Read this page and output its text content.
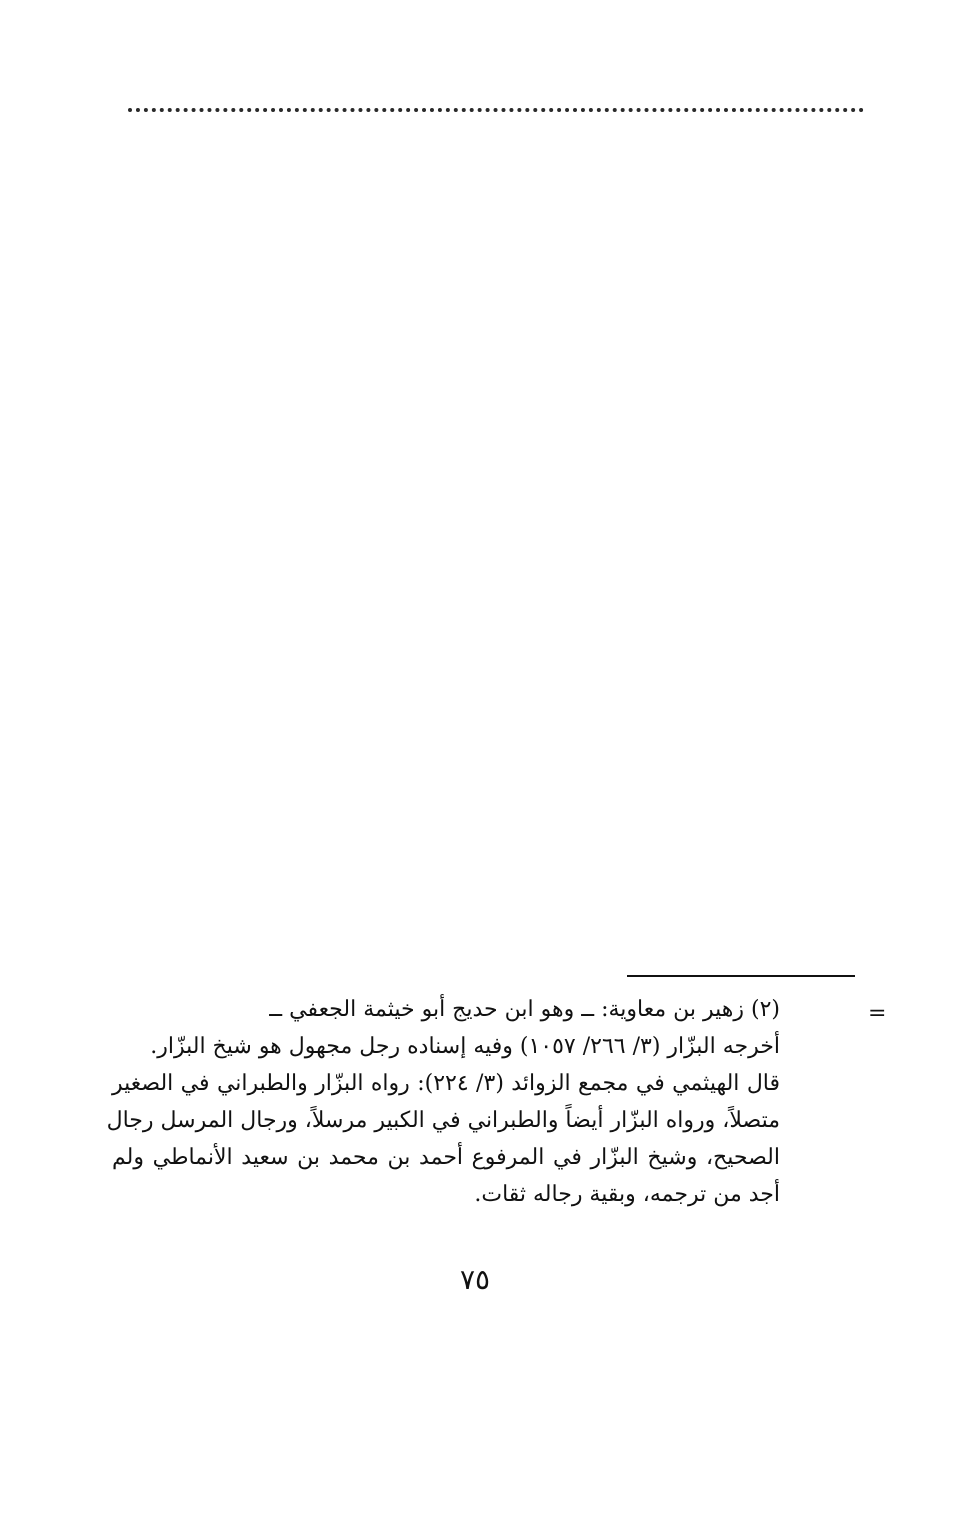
=

(٢) زهير بن معاوية: ــ وهو ابن حديج أبو خيثمة الجعفي ــ

أخرجه البزّار (٣/ ٢٦٦/ ١٠٥٧) وفيه إسناده رجل مجهول هو شيخ البزّار.

قال الهيثمي في مجمع الزوائد (٣/ ٢٢٤): رواه البزّار والطبراني في الصغير

متصلاً، ورواه البزّار أيضاً والطبراني في الكبير مرسلاً، ورجال المرسل رجال

الصحيح، وشيخ البزّار في المرفوع أحمد بن محمد بن سعيد الأنماطي ولم

أجد من ترجمه، وبقية رجاله ثقات.

٧٥
